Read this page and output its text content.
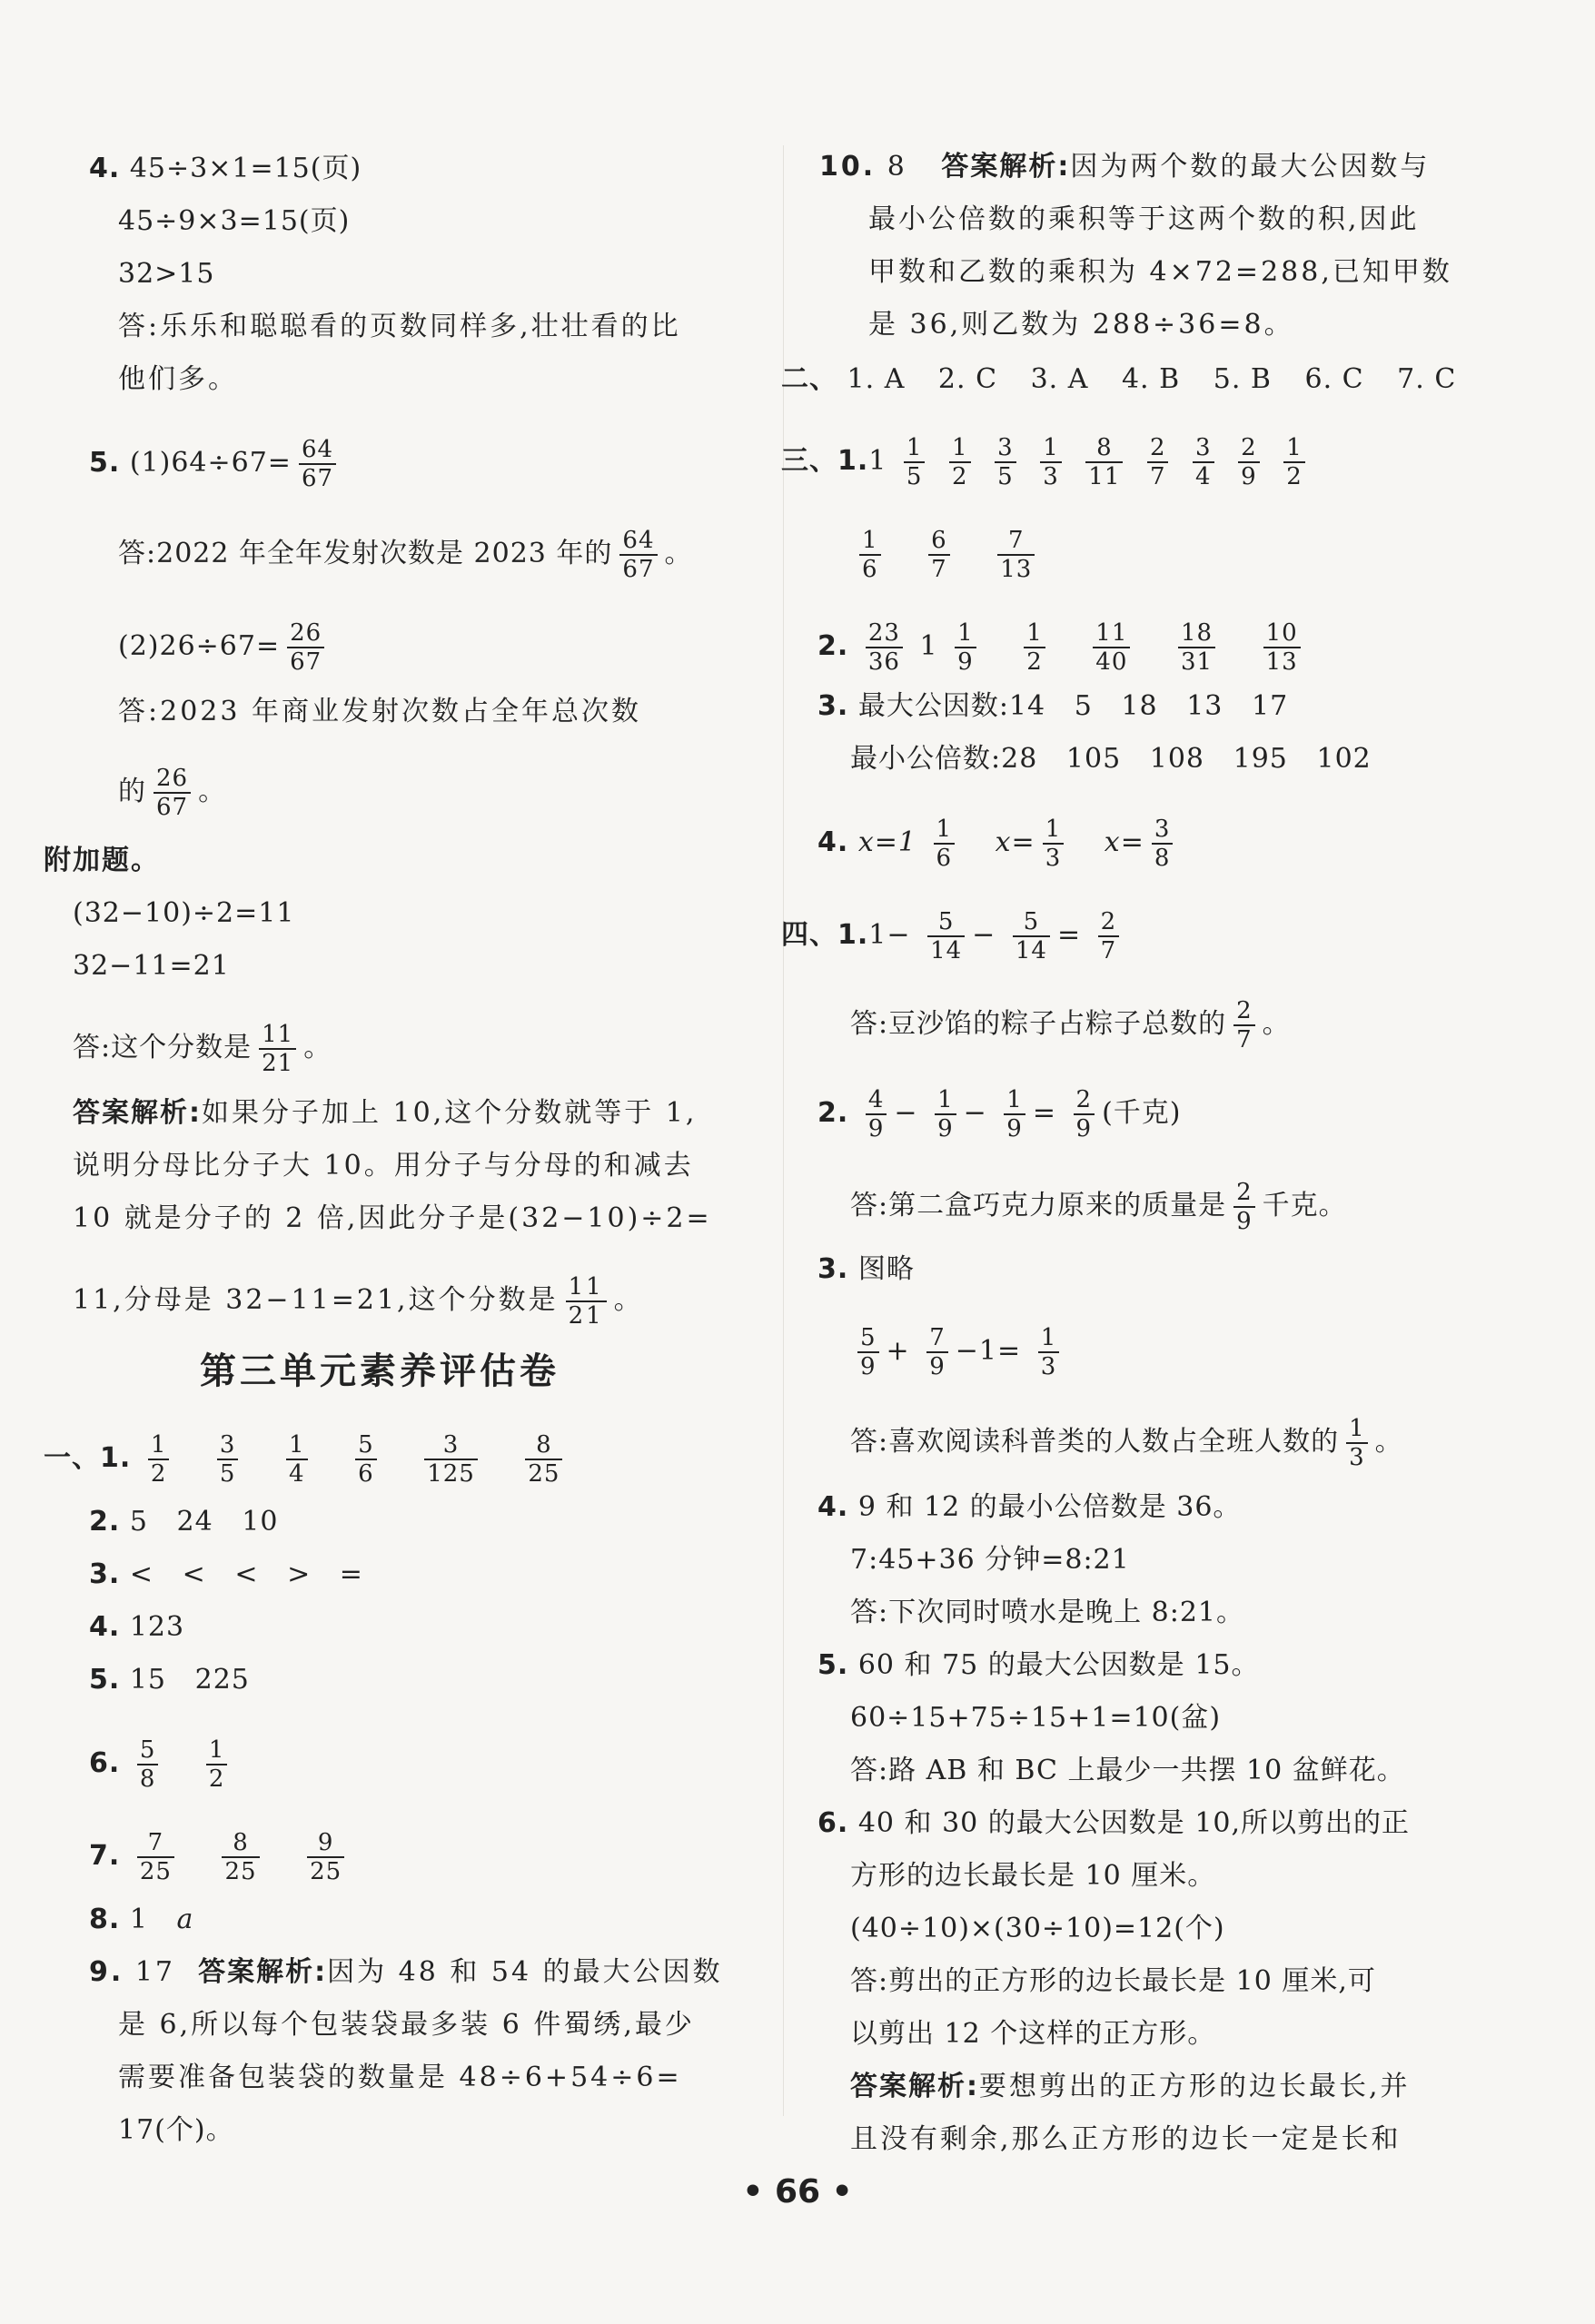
4. 45÷3×1=15(页)
45÷9×3=15(页)
32>15
答:乐乐和聪聪看的页数同样多,壮壮看的比
他们多。
5. $(1)64\div 67= \frac{64}{67}$
答:2022 年全年发射次数是 2023 年的 $\frac{64}{67}$ 。
$(2)26\div 67= \frac{26}{67}$
答:2023 年商业发射次数占全年总次数
的 $\frac{26}{67}$ 。
附加题。
(32−10)÷2=11
32−11=21
答:这个分数是 $\frac{11}{21}$ 。
答案解析:如果分子加上 10,这个分数就等于 1,
说明分母比分子大 10。用分子与分母的和减去
10 就是分子的 2 倍,因此分子是(32−10)÷2=
11,分母是 32−11=21,这个分数是 $\frac{11}{21}$ 。
第三单元素养评估卷
一、1. $\frac{1}{2}$
$\frac{3}{5}$
$\frac{1}{4}$
$\frac{5}{6}$
$\frac{3}{125}$
$\frac{8}{25}$
2. 5   24   10
3. <   <   <   >   =
4. 123
5. 15   225
6. $\frac{5}{8}$
$\frac{1}{2}$
7. $\frac{7}{25}$
$\frac{8}{25}$
$\frac{9}{25}$
8. 1 a
9. 17 答案解析:因为 48 和 54 的最大公因数
是 6,所以每个包装袋最多装 6 件蜀绣,最少
需要准备包装袋的数量是 48÷6+54÷6=
17(个)。
10. 8 答案解析:因为两个数的最大公因数与
最小公倍数的乘积等于这两个数的积,因此
甲数和乙数的乘积为 4×72=288,已知甲数
是 36,则乙数为 288÷36=8。
二、 1. A 2. C 3. A 4. B 5. B 6. C 7. C
三、$1.1 \frac{1}{5}$
$\frac{1}{2}$
$\frac{3}{5}$
$\frac{1}{3}$
$\frac{8}{11}$
$\frac{2}{7}$
$\frac{3}{4}$
$\frac{2}{9}$
$\frac{1}{2}$
$\frac{1}{6}$
$\frac{6}{7}$
$\frac{7}{13}$
2. $\frac{23}{36} 1 \frac{1}{9}$
$\frac{1}{2}$
$\frac{11}{40}$
$\frac{18}{31}$
$\frac{10}{13}$
3. 最大公因数:14   5   18   13   17
最小公倍数:28   105   108   195   102
4. $x=1 \frac{1}{6} x= \frac{1}{3} x= \frac{3}{8}$
四、$1.1- \frac{5}{14} - \frac{5}{14} = \frac{2}{7}$
答:豆沙馅的粽子占粽子总数的 $\frac{2}{7}$ 。
2. $\frac{4}{9} - \frac{1}{9} - \frac{1}{9} = \frac{2}{9}$ (千克)
答:第二盒巧克力原来的质量是 $\frac{2}{9}$ 千克。
3. 图略
$\frac{5}{9} + \frac{7}{9} -1= \frac{1}{3}$
答:喜欢阅读科普类的人数占全班人数的 $\frac{1}{3}$ 。
4. 9 和 12 的最小公倍数是 36。
7:45+36 分钟=8:21
答:下次同时喷水是晚上 8:21。
5. 60 和 75 的最大公因数是 15。
60÷15+75÷15+1=10(盆)
答:路 AB 和 BC 上最少一共摆 10 盆鲜花。
6. 40 和 30 的最大公因数是 10,所以剪出的正
方形的边长最长是 10 厘米。
(40÷10)×(30÷10)=12(个)
答:剪出的正方形的边长最长是 10 厘米,可
以剪出 12 个这样的正方形。
答案解析:要想剪出的正方形的边长最长,并
且没有剩余,那么正方形的边长一定是长和
• 66 •
